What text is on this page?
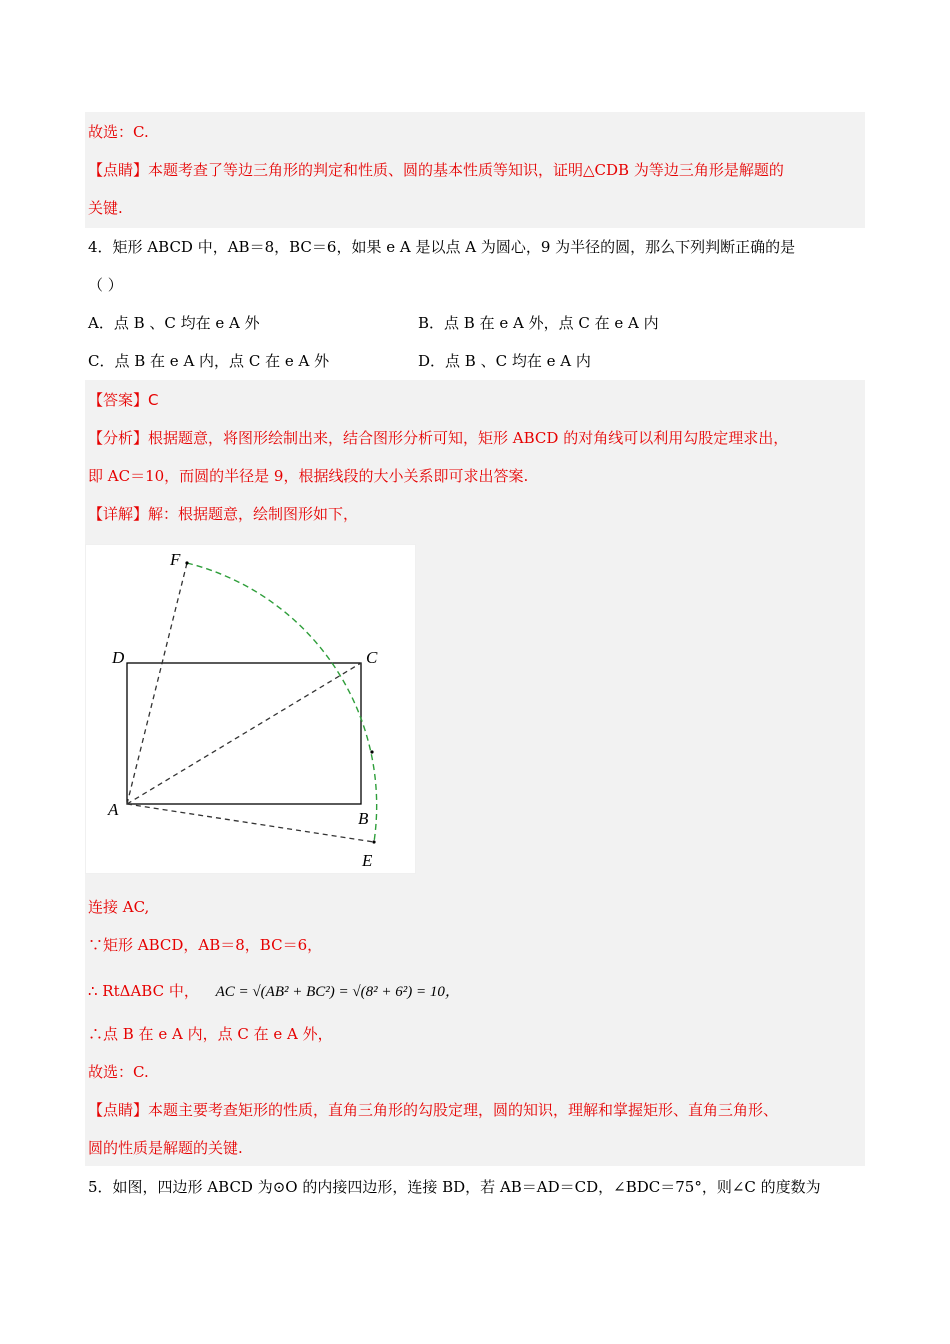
故选：C.
【点睛】本题考查了等边三角形的判定和性质、圆的基本性质等知识，证明△CDB 为等边三角形是解题的
关键.
4．矩形 ABCD 中，AB＝8，BC＝6，如果 e A 是以点 A 为圆心，9 为半径的圆，那么下列判断正确的是
（ ）
A．点 B 、C 均在 e A 外	B．点 B 在 e A 外，点 C 在 e A 内
C．点 B 在 e A 内，点 C 在 e A 外	D．点 B 、C 均在 e A 内
【答案】C
【分析】根据题意，将图形绘制出来，结合图形分析可知，矩形 ABCD 的对角线可以利用勾股定理求出，
即 AC＝10，而圆的半径是 9，根据线段的大小关系即可求出答案.
【详解】解：根据题意，绘制图形如下，
F
D	C
A	B
E
连接 AC,
∵矩形 ABCD，AB＝8，BC＝6，
∴ RtΔABC 中， AC = √(AB² + BC²) = √(8² + 6²) = 10，
∴点 B 在 e A 内，点 C 在 e A 外，
故选：C.
【点睛】本题主要考查矩形的性质，直角三角形的勾股定理，圆的知识，理解和掌握矩形、直角三角形、
圆的性质是解题的关键.
5．如图，四边形 ABCD 为⊙O 的内接四边形，连接 BD，若 AB＝AD＝CD，∠BDC＝75°，则∠C 的度数为
